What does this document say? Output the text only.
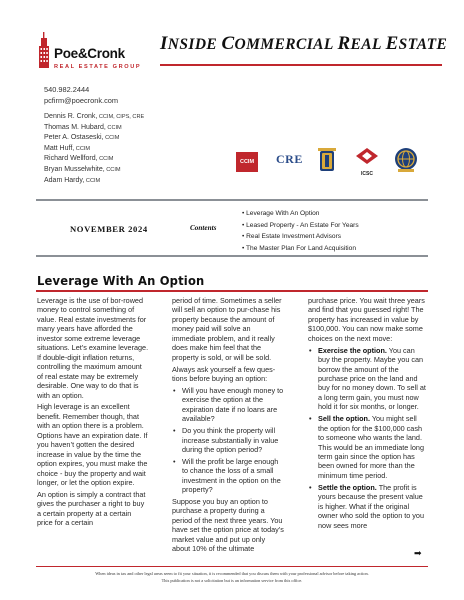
Poe&Cronk
REAL ESTATE GROUP
INSIDE COMMERCIAL REAL ESTATE
540.982.2444
pcfirm@poecronk.com
Dennis R. Cronk, CCIM, CIPS, CRE
Thomas M. Hubard, CCIM
Peter A. Ostaseski, CCIM
Matt Huff, CCIM
Richard Wellford, CCIM
Bryan Musselwhite, CCIM
Adam Hardy, CCIM
CCIM	CRE
ICSC
NOVEMBER 2024	Contents
• Leverage With An Option
• Leased Property - An Estate For Years
• Real Estate Investment Advisors
• The Master Plan For Land Acquisition
Leverage With An Option

Leverage is the use of bor-rowed money to control something of value. Real estate investments for many years have afforded the investor some extreme leverage situations. Let’s examine leverage. If double-digit inflation returns, controlling the maximum amount of real estate may be extremely desirable. One way to do that is with an option.

High leverage is an excellent benefit. Remember though, that with an option there is a problem. Options have an expiration date. If you haven’t gotten the desired increase in value by the time the option expires, you must make the choice - buy the property and wait longer, or let the option expire.

An option is simply a contract that gives the purchaser a right to buy a certain property at a certain price for a certain

period of time. Sometimes a seller will sell an option to pur-chase his property because the amount of money paid will solve an immediate problem, and it really does make him feel that the property is sold, or will be sold.

Always ask yourself a few ques-tions before buying an option:

• Will you have enough money to exercise the option at the expiration date if no loans are available?
• Do you think the property will increase substantially in value during the option period?
• Will the profit be large enough to chance the loss of a small investment in the option on the property?

Suppose you buy an option to purchase a property during a period of the next three years. You have set the option price at today’s market value and put up only about 10% of the ultimate

purchase price. You wait three years and find that you guessed right! The property has increased in value by $100,000. You can now make some choices on the next move:

• Exercise the option. You can buy the property. Maybe you can borrow the amount of the purchase price on the land and buy for no money down. To sell at a long term gain, you must now hold it for six months, or longer.
• Sell the option. You might sell the option for the $100,000 cash to someone who wants the land. This would be an immediate long term gain since the option has been owned for more than the minimum time period.
• Settle the option. The profit is yours because the present value is higher. What if the original owner who sold the option to you now sees more
➡
When ideas in tax and other legal areas seem to fit your situation, it is recommended that you discuss them with your professional advisor before taking action.
This publication is not a solicitation but is an information service from this office.
